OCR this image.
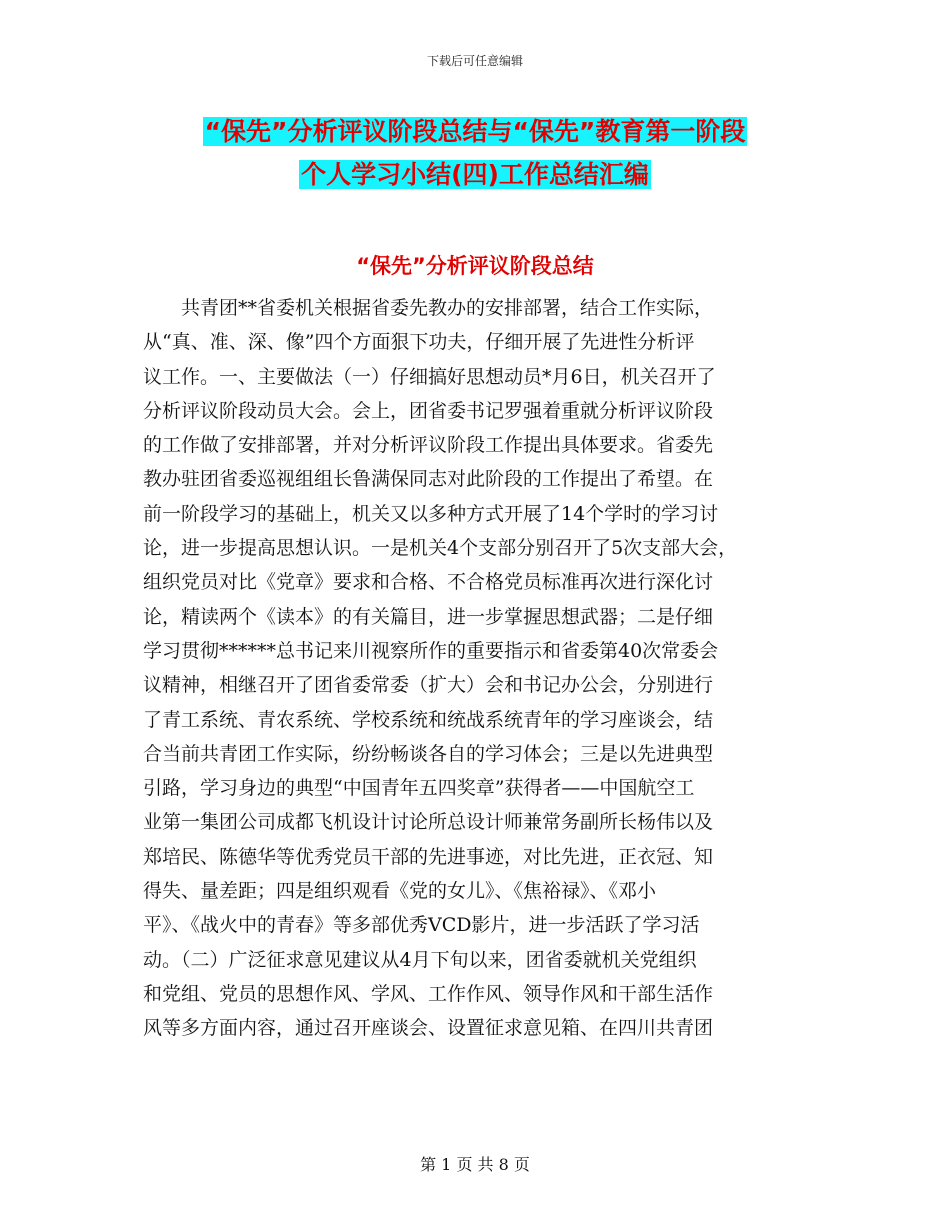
下载后可任意编辑
“保先”分析评议阶段总结与“保先”教育第一阶段
个人学习小结(四)工作总结汇编
“保先”分析评议阶段总结
共青团**省委机关根据省委先教办的安排部署，结合工作实际，
从“真、准、深、像”四个方面狠下功夫，仔细开展了先进性分析评
议工作。一、主要做法（一）仔细搞好思想动员*月6日，机关召开了
分析评议阶段动员大会。会上，团省委书记罗强着重就分析评议阶段
的工作做了安排部署，并对分析评议阶段工作提出具体要求。省委先
教办驻团省委巡视组组长鲁满保同志对此阶段的工作提出了希望。在
前一阶段学习的基础上，机关又以多种方式开展了14个学时的学习讨
论，进一步提高思想认识。一是机关4个支部分别召开了5次支部大会，
组织党员对比《党章》要求和合格、不合格党员标准再次进行深化讨
论，精读两个《读本》的有关篇目，进一步掌握思想武器；二是仔细
学习贯彻******总书记来川视察所作的重要指示和省委第40次常委会
议精神，相继召开了团省委常委（扩大）会和书记办公会，分别进行
了青工系统、青农系统、学校系统和统战系统青年的学习座谈会，结
合当前共青团工作实际，纷纷畅谈各自的学习体会；三是以先进典型
引路，学习身边的典型“中国青年五四奖章”获得者——中国航空工
业第一集团公司成都飞机设计讨论所总设计师兼常务副所长杨伟以及
郑培民、陈德华等优秀党员干部的先进事迹，对比先进，正衣冠、知
得失、量差距；四是组织观看《党的女儿》、《焦裕禄》、《邓小
平》、《战火中的青春》等多部优秀VCD影片，进一步活跃了学习活
动。（二）广泛征求意见建议从4月下旬以来，团省委就机关党组织
和党组、党员的思想作风、学风、工作作风、领导作风和干部生活作
风等多方面内容，通过召开座谈会、设置征求意见箱、在四川共青团
第 1 页 共 8 页
